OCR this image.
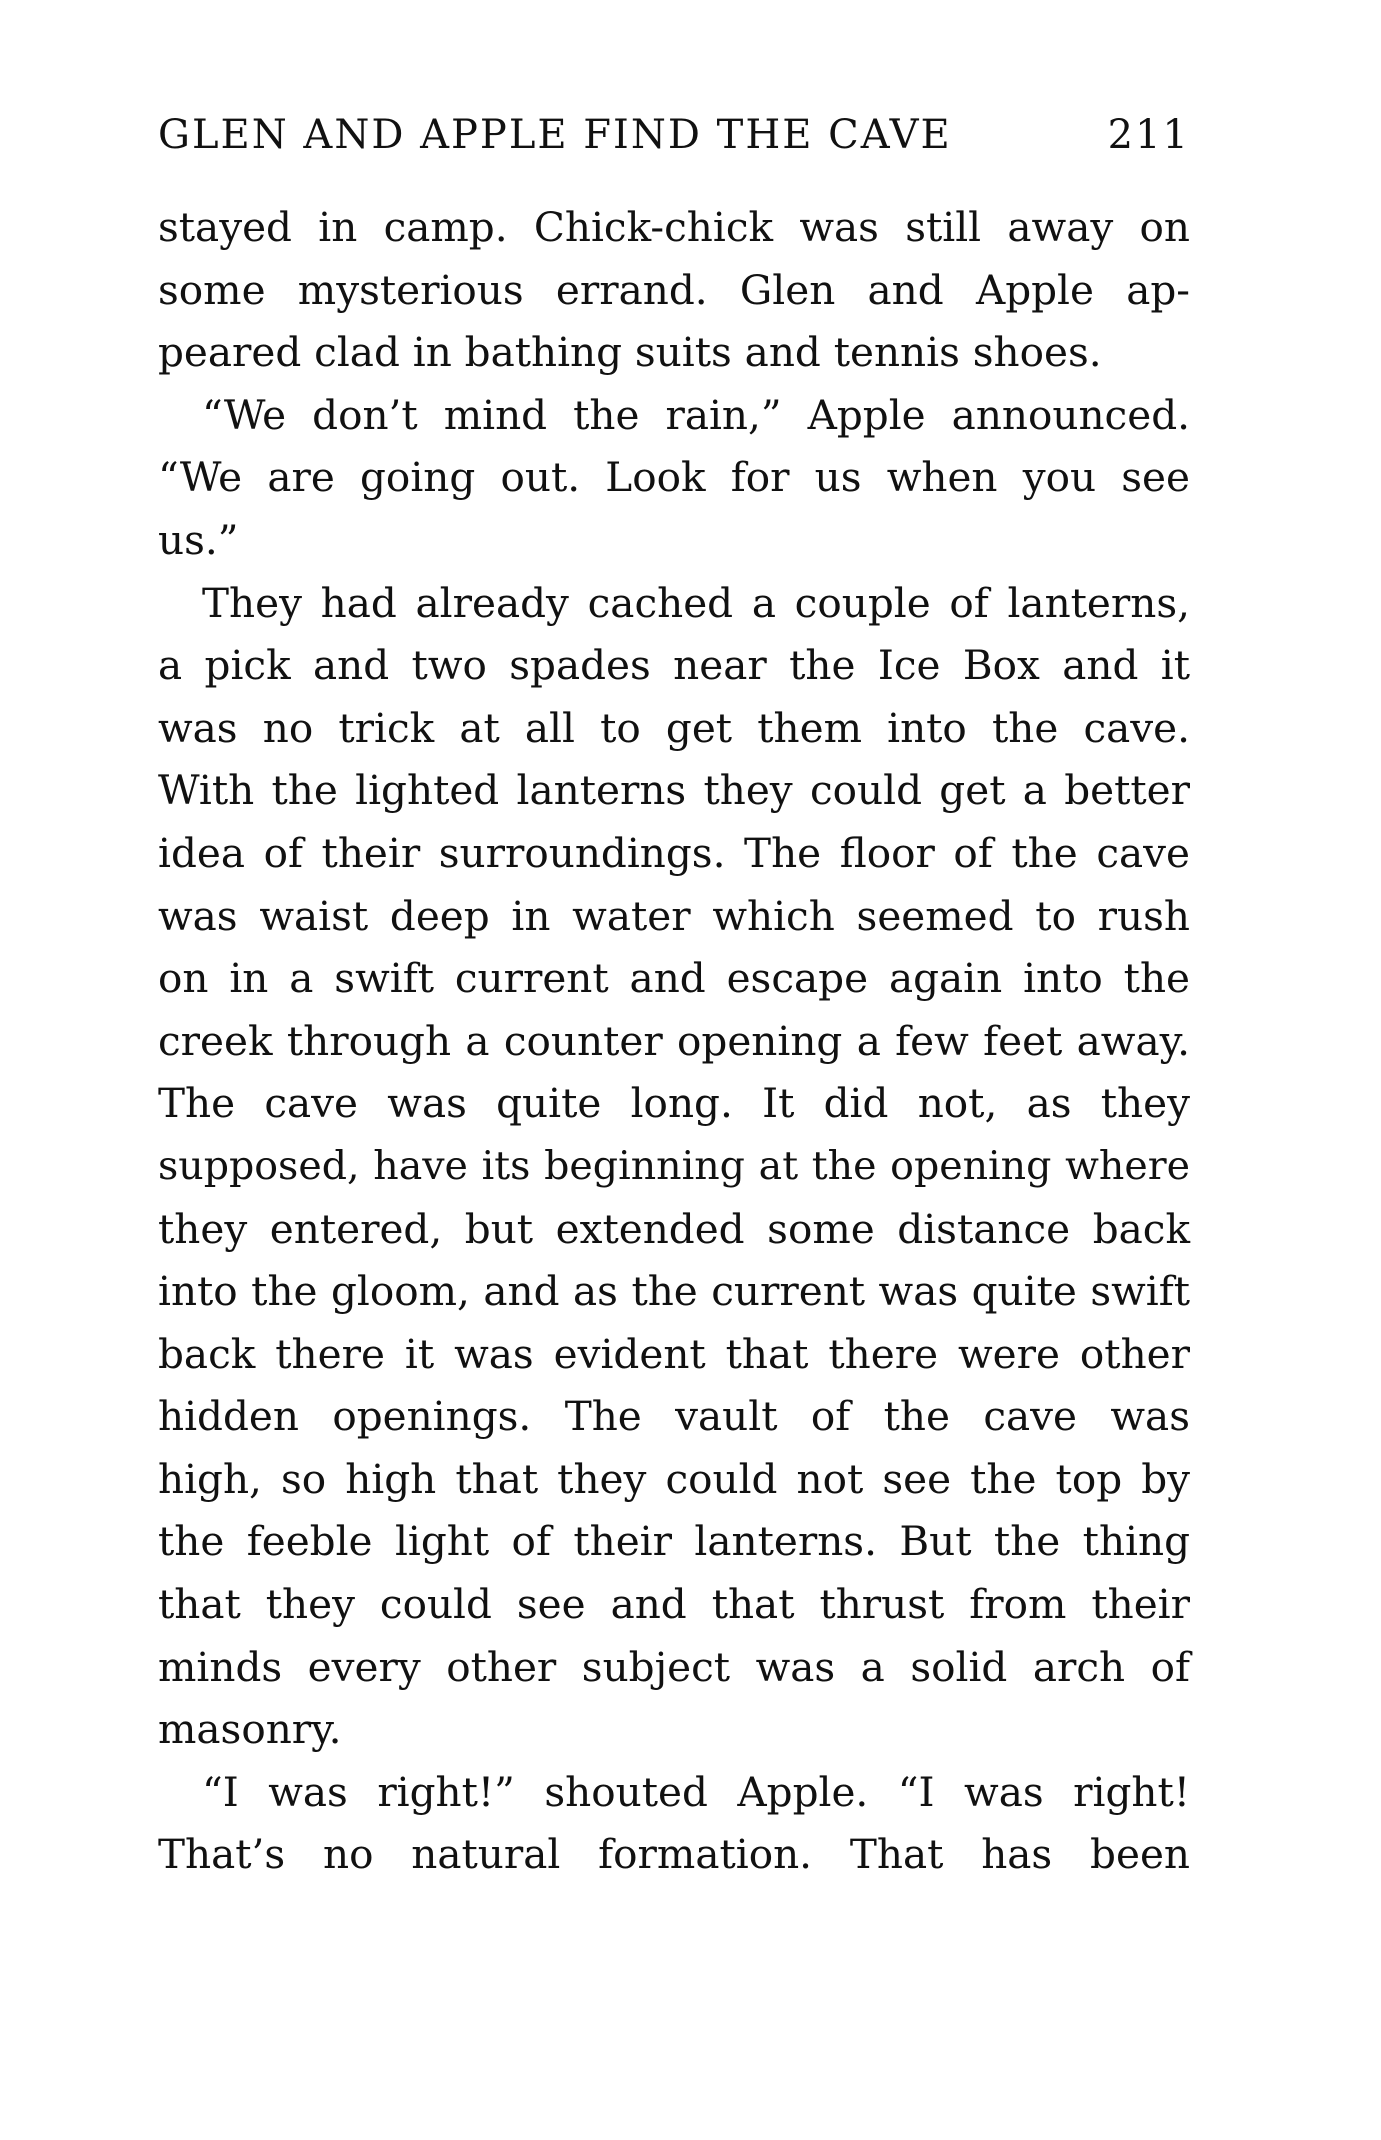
GLEN AND APPLE FIND THE CAVE	211
stayed in camp. Chick-chick was still away on
some mysterious errand. Glen and Apple ap-
peared clad in bathing suits and tennis shoes.
“We don’t mind the rain,” Apple announced.
“We are going out. Look for us when you see
us.”
They had already cached a couple of lanterns,
a pick and two spades near the Ice Box and it
was no trick at all to get them into the cave.
With the lighted lanterns they could get a better
idea of their surroundings. The floor of the cave
was waist deep in water which seemed to rush
on in a swift current and escape again into the
creek through a counter opening a few feet away.
The cave was quite long. It did not, as they
supposed, have its beginning at the opening where
they entered, but extended some distance back
into the gloom, and as the current was quite swift
back there it was evident that there were other
hidden openings. The vault of the cave was
high, so high that they could not see the top by
the feeble light of their lanterns. But the thing
that they could see and that thrust from their
minds every other subject was a solid arch of
masonry.
“I was right!” shouted Apple. “I was right!
That’s no natural formation. That has been
